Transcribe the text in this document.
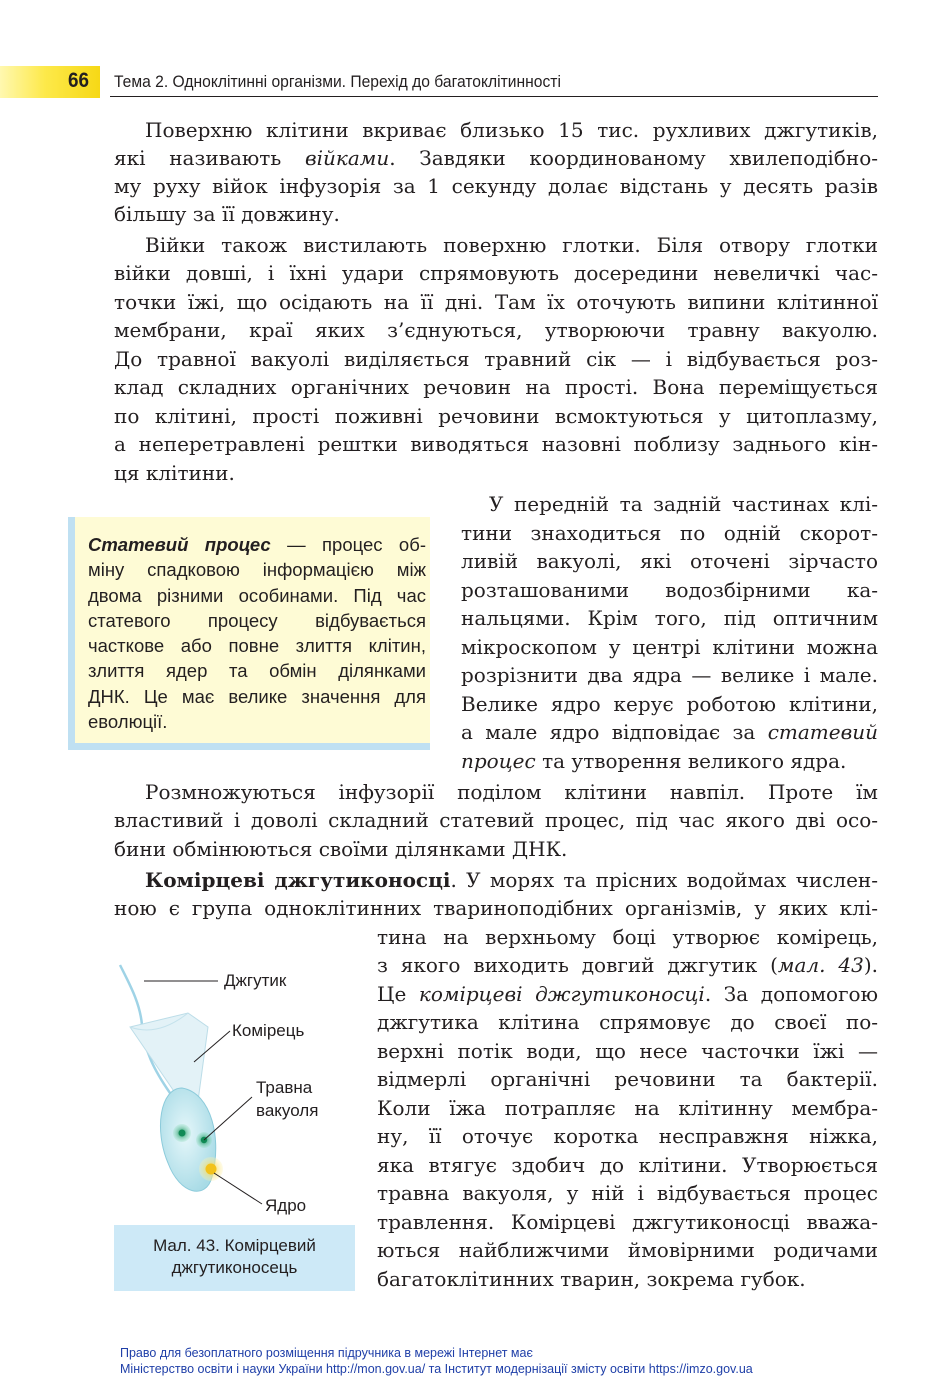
66 Тема 2. Одноклітинні організми. Перехід до багатоклітинності
Поверхню клітини вкриває близько 15 тис. рухливих джгутиків,
які називають війками. Завдяки координованому хвилеподібно-
му руху війок інфузорія за 1 секунду долає відстань у десять разів
більшу за її довжину.
Війки також вистилають поверхню глотки. Біля отвору глотки
війки довші, і їхні удари спрямовують досередини невеличкі час-
точки їжі, що осідають на її дні. Там їх оточують випини клітинної
мембрани, краї яких з’єднуються, утворюючи травну вакуолю.
До травної вакуолі виділяється травний сік — і відбувається роз-
клад складних органічних речовин на прості. Вона переміщується
по клітині, прості поживні речовини всмоктуються у цитоплазму,
а неперетравлені рештки виводяться назовні поблизу заднього кін-
ця клітини.
Статевий процес — процес об-
міну спадковою інформацією між
двома різними особинами. Під час
статевого процесу відбувається
часткове або повне злиття клітин,
злиття ядер та обмін ділянками
ДНК. Це має велике значення для
еволюції.
У передній та задній частинах клі-
тини знаходиться по одній скорот-
ливій вакуолі, які оточені зірчасто
розташованими водозбірними ка-
нальцями. Крім того, під оптичним
мікроскопом у центрі клітини можна
розрізнити два ядра — велике і мале.
Велике ядро керує роботою клітини,
а мале ядро відповідає за статевий
процес та утворення великого ядра.
Розмножуються інфузорії поділом клітини навпіл. Проте їм
властивий і доволі складний статевий процес, під час якого дві осо-
бини обмінюються своїми ділянками ДНК.
Комірцеві джгутиконосці. У морях та прісних водоймах числен-
ною є група одноклітинних твариноподібних організмів, у яких клі-
тина на верхньому боці утворює комірець,
з якого виходить довгий джгутик (мал. 43).
Це комірцеві джгутиконосці. За допомогою
джгутика клітина спрямовує до своєї по-
верхні потік води, що несе часточки їжі —
відмерлі органічні речовини та бактерії.
Коли їжа потрапляє на клітинну мембра-
ну, її оточує коротка несправжня ніжка,
яка втягує здобич до клітини. Утворюється
травна вакуоля, у ній і відбувається процес
травлення. Комірцеві джгутиконосці вважа-
ються найближчими ймовірними родичами
багатоклітинних тварин, зокрема губок.
Джгутик
Комірець
Травна
вакуоля
Ядро
Мал. 43. Комірцевий
джгутиконосець
Право для безоплатного розміщення підручника в мережі Інтернет має
Міністерство освіти і науки України http://mon.gov.ua/ та Інститут модернізації змісту освіти https://imzo.gov.ua
